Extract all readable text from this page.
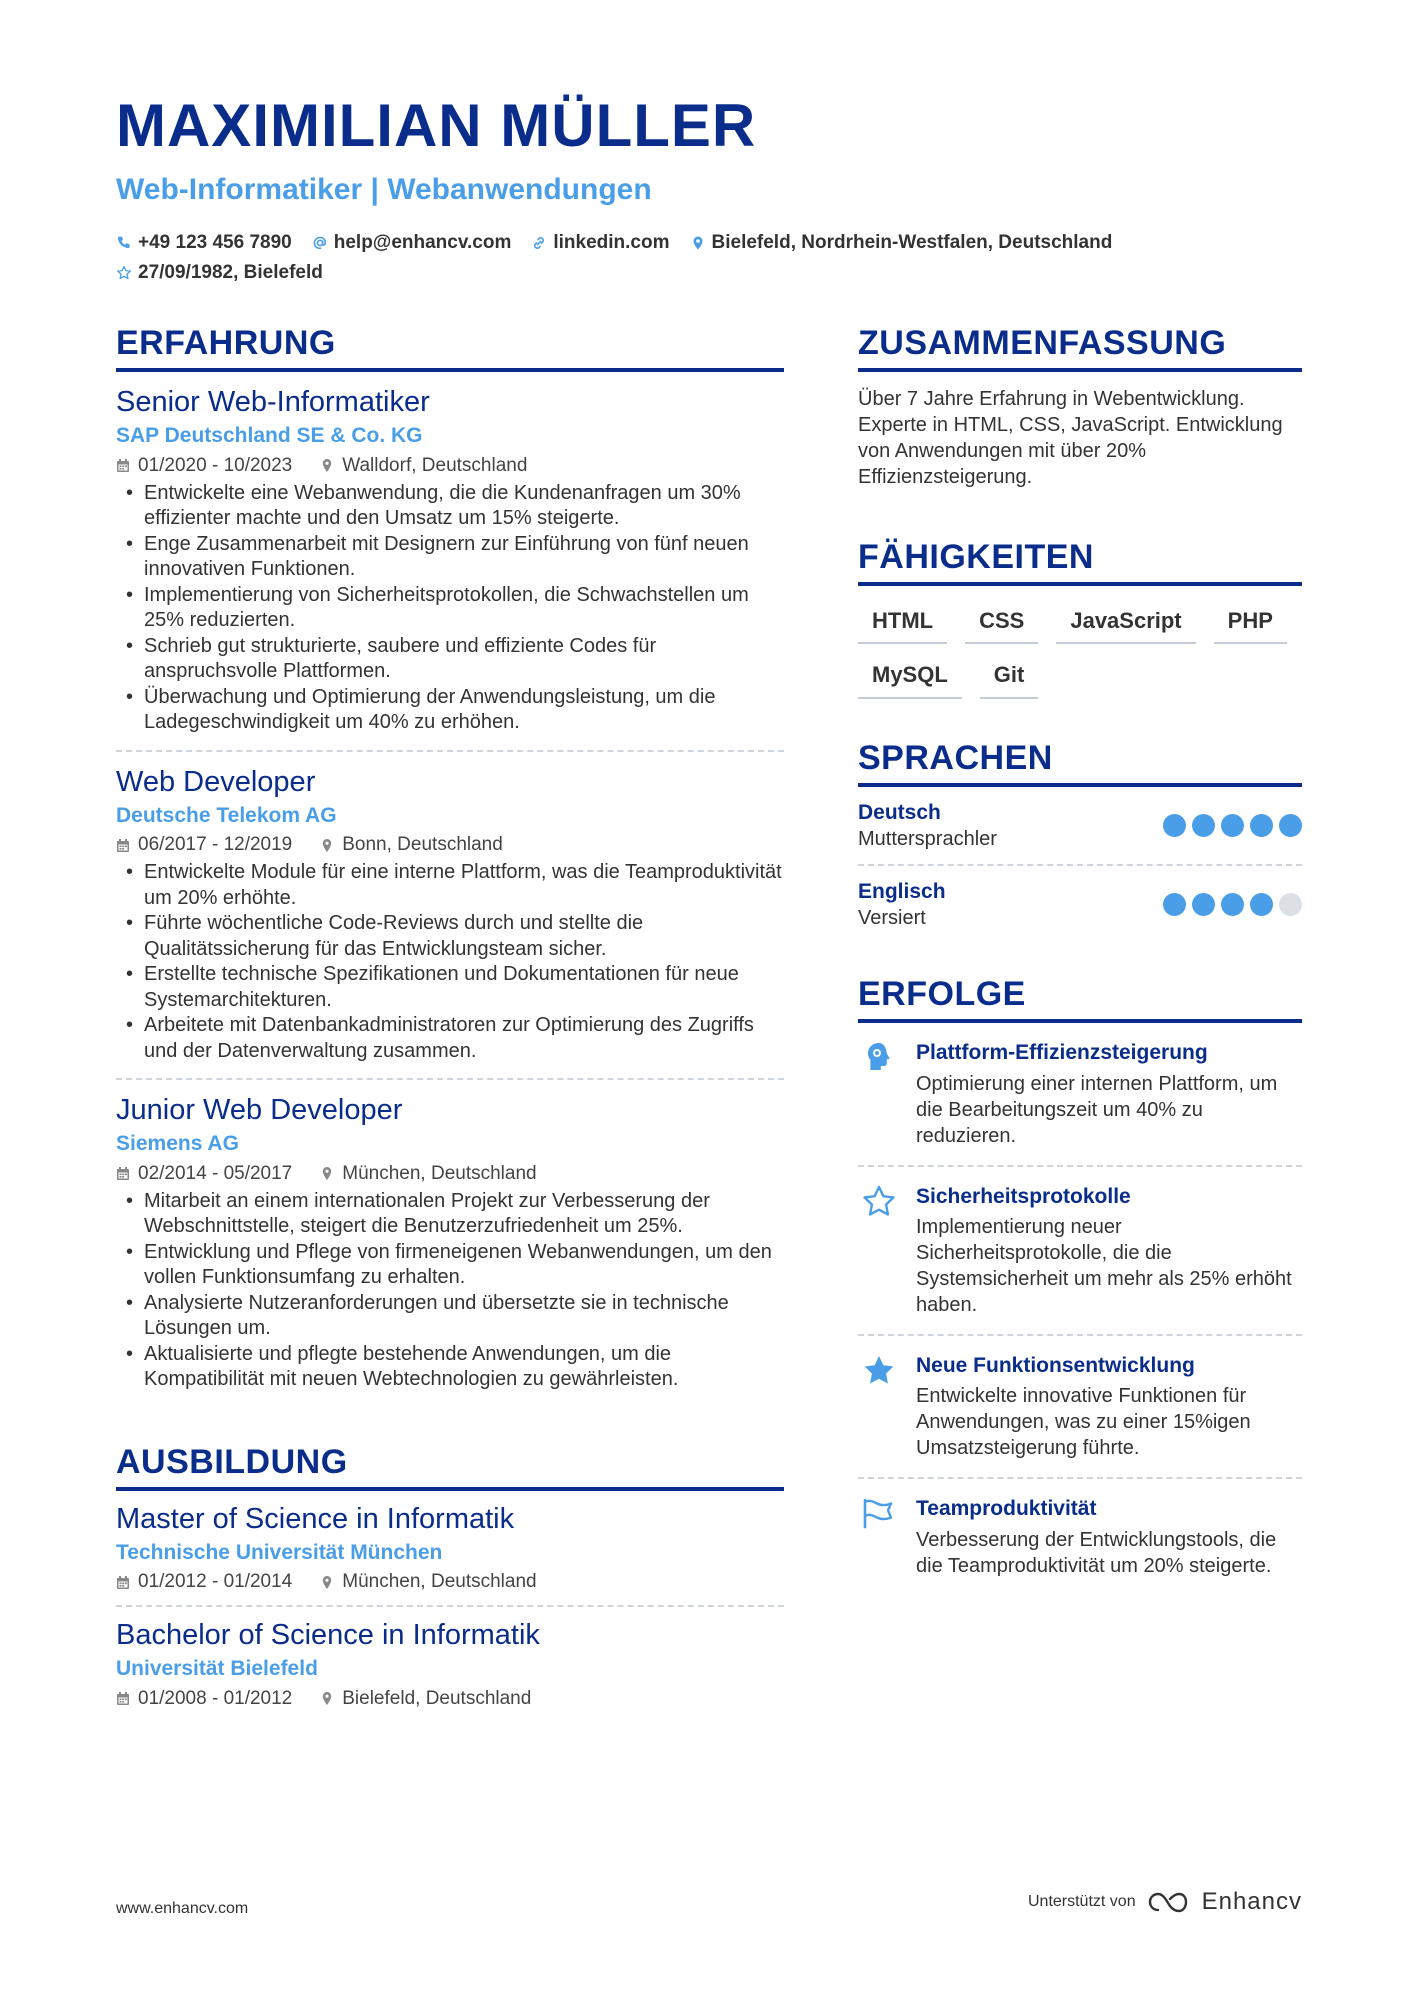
MAXIMILIAN MÜLLER
Web-Informatiker | Webanwendungen
+49 123 456 7890 help@enhancv.com linkedin.com Bielefeld, Nordrhein-Westfalen, Deutschland
27/09/1982, Bielefeld
ERFAHRUNG
Senior Web-Informatiker
SAP Deutschland SE & Co. KG
01/2020 - 10/2023	Walldorf, Deutschland
• Entwickelte eine Webanwendung, die die Kundenanfragen um 30% effizienter machte und den Umsatz um 15% steigerte.
• Enge Zusammenarbeit mit Designern zur Einführung von fünf neuen innovativen Funktionen.
• Implementierung von Sicherheitsprotokollen, die Schwachstellen um 25% reduzierten.
• Schrieb gut strukturierte, saubere und effiziente Codes für anspruchsvolle Plattformen.
• Überwachung und Optimierung der Anwendungsleistung, um die Ladegeschwindigkeit um 40% zu erhöhen.
Web Developer
Deutsche Telekom AG
06/2017 - 12/2019	Bonn, Deutschland
• Entwickelte Module für eine interne Plattform, was die Teamproduktivität um 20% erhöhte.
• Führte wöchentliche Code-Reviews durch und stellte die Qualitätssicherung für das Entwicklungsteam sicher.
• Erstellte technische Spezifikationen und Dokumentationen für neue Systemarchitekturen.
• Arbeitete mit Datenbankadministratoren zur Optimierung des Zugriffs und der Datenverwaltung zusammen.
Junior Web Developer
Siemens AG
02/2014 - 05/2017	München, Deutschland
• Mitarbeit an einem internationalen Projekt zur Verbesserung der Webschnittstelle, steigert die Benutzerzufriedenheit um 25%.
• Entwicklung und Pflege von firmeneigenen Webanwendungen, um den vollen Funktionsumfang zu erhalten.
• Analysierte Nutzeranforderungen und übersetzte sie in technische Lösungen um.
• Aktualisierte und pflegte bestehende Anwendungen, um die Kompatibilität mit neuen Webtechnologien zu gewährleisten.
AUSBILDUNG
Master of Science in Informatik
Technische Universität München
01/2012 - 01/2014	München, Deutschland
Bachelor of Science in Informatik
Universität Bielefeld
01/2008 - 01/2012	Bielefeld, Deutschland
ZUSAMMENFASSUNG
Über 7 Jahre Erfahrung in Webentwicklung. Experte in HTML, CSS, JavaScript. Entwicklung von Anwendungen mit über 20% Effizienzsteigerung.
FÄHIGKEITEN
HTML	CSS	JavaScript	PHP
MySQL	Git
SPRACHEN
Deutsch
Muttersprachler
Englisch
Versiert
ERFOLGE
Plattform-Effizienzsteigerung
Optimierung einer internen Plattform, um die Bearbeitungszeit um 40% zu reduzieren.
Sicherheitsprotokolle
Implementierung neuer Sicherheitsprotokolle, die die Systemsicherheit um mehr als 25% erhöht haben.
Neue Funktionsentwicklung
Entwickelte innovative Funktionen für Anwendungen, was zu einer 15%igen Umsatzsteigerung führte.
Teamproduktivität
Verbesserung der Entwicklungstools, die die Teamproduktivität um 20% steigerte.
www.enhancv.com	Unterstützt von	Enhancv
